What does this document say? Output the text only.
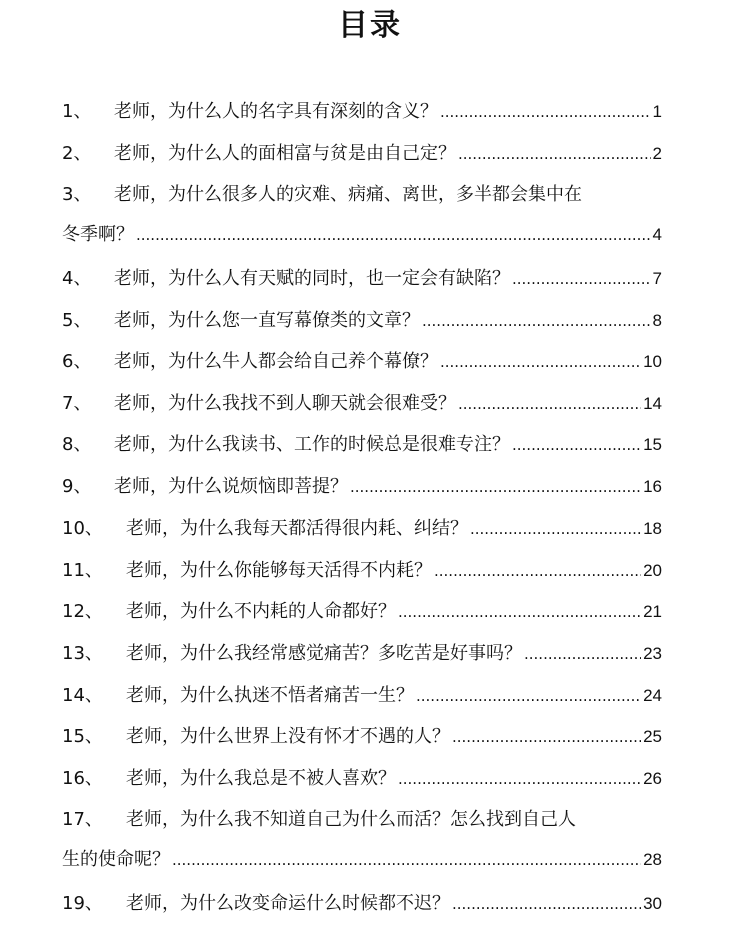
目录
1、 老师，为什么人的名字具有深刻的含义？ .....	1
2、 老师，为什么人的面相富与贫是由自己定？ .....	2
3、 老师，为什么很多人的灾难、病痛、离世，多半都会集中在
冬季啊？ .....	4
4、 老师，为什么人有天赋的同时，也一定会有缺陷？ .....	7
5、 老师，为什么您一直写幕僚类的文章？ .....	8
6、 老师，为什么牛人都会给自己养个幕僚？ .....	10
7、 老师，为什么我找不到人聊天就会很难受？ .....	14
8、 老师，为什么我读书、工作的时候总是很难专注？ .....	15
9、 老师，为什么说烦恼即菩提？ .....	16
10、 老师，为什么我每天都活得很内耗、纠结？ .....	18
11、 老师，为什么你能够每天活得不内耗？ .....	20
12、 老师，为什么不内耗的人命都好？ .....	21
13、 老师，为什么我经常感觉痛苦？多吃苦是好事吗？ .....	23
14、 老师，为什么执迷不悟者痛苦一生？ .....	24
15、 老师，为什么世界上没有怀才不遇的人？ .....	25
16、 老师，为什么我总是不被人喜欢？ .....	26
17、 老师，为什么我不知道自己为什么而活？怎么找到自己人
生的使命呢？ .....	28
19、 老师，为什么改变命运什么时候都不迟？ .....	30
